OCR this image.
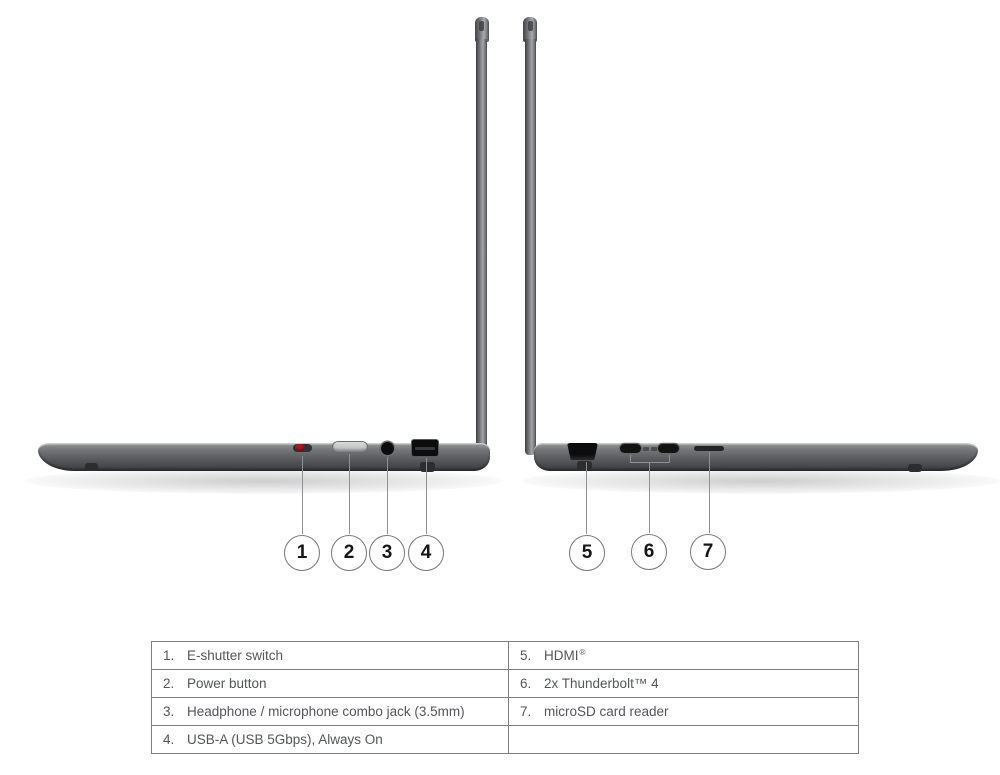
1 2 3 4	5	6	7
1. E-shutter switch	5. HDMI®
2. Power button	6. 2x Thunderbolt™ 4
3. Headphone / microphone combo jack (3.5mm)	7. microSD card reader
4. USB-A (USB 5Gbps), Always On
